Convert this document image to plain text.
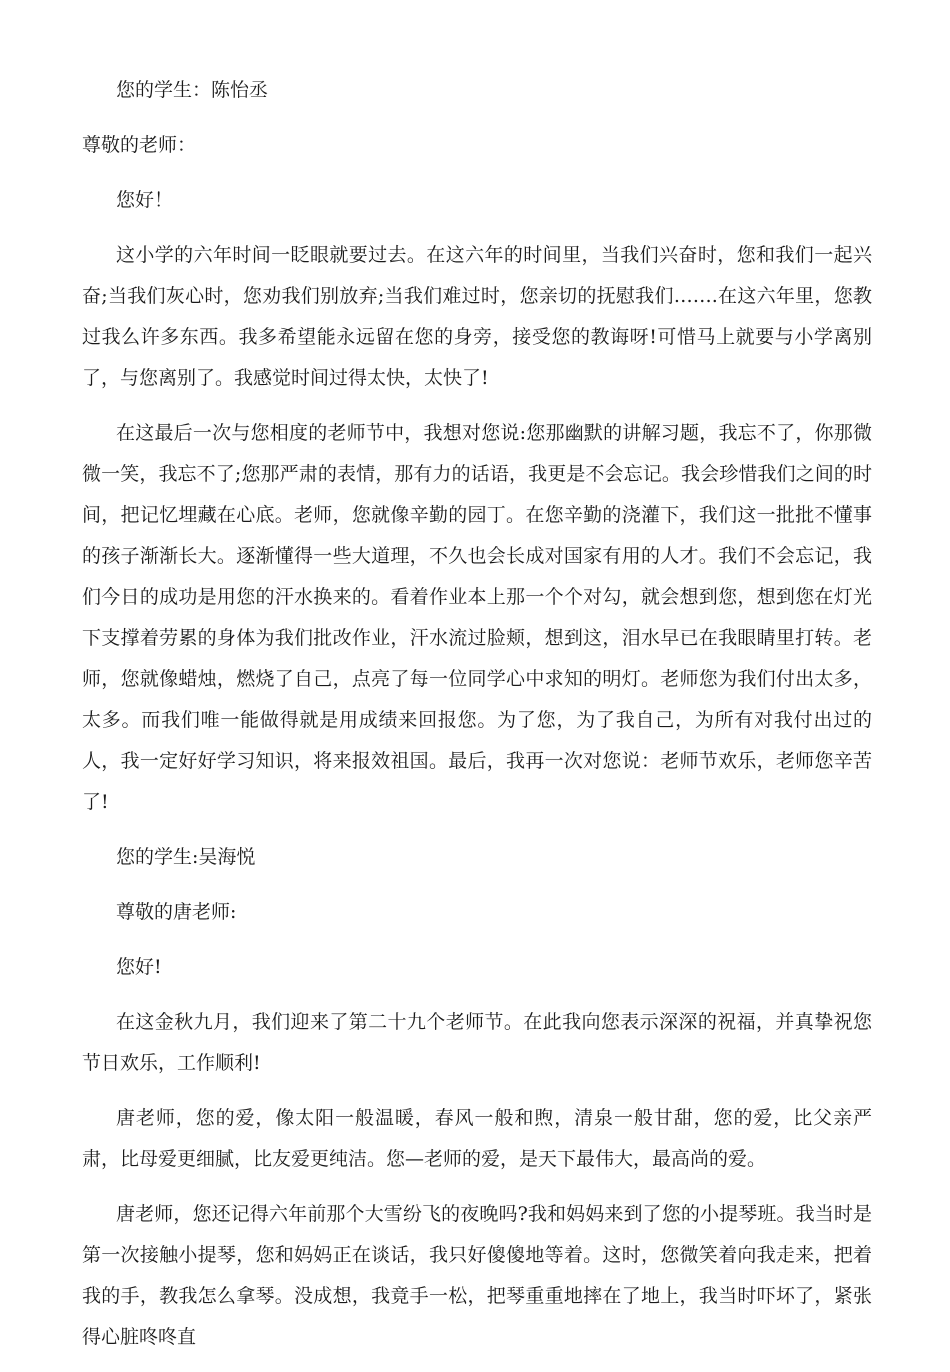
您的学生：陈怡丞

尊敬的老师：

您好！

这小学的六年时间一眨眼就要过去。在这六年的时间里，当我们兴奋时，您和我们一起兴奋;当我们灰心时，您劝我们别放弃;当我们难过时，您亲切的抚慰我们…….在这六年里，您教过我么许多东西。我多希望能永远留在您的身旁，接受您的教诲呀!可惜马上就要与小学离别了，与您离别了。我感觉时间过得太快，太快了!

在这最后一次与您相度的老师节中，我想对您说:您那幽默的讲解习题，我忘不了，你那微微一笑，我忘不了;您那严肃的表情，那有力的话语，我更是不会忘记。我会珍惜我们之间的时间，把记忆埋藏在心底。老师，您就像辛勤的园丁。在您辛勤的浇灌下，我们这一批批不懂事的孩子渐渐长大。逐渐懂得一些大道理，不久也会长成对国家有用的人才。我们不会忘记，我们今日的成功是用您的汗水换来的。看着作业本上那一个个对勾，就会想到您，想到您在灯光下支撑着劳累的身体为我们批改作业，汗水流过脸颊，想到这，泪水早已在我眼睛里打转。老师，您就像蜡烛，燃烧了自己，点亮了每一位同学心中求知的明灯。老师您为我们付出太多，太多。而我们唯一能做得就是用成绩来回报您。为了您，为了我自己，为所有对我付出过的人，我一定好好学习知识，将来报效祖国。最后，我再一次对您说：老师节欢乐，老师您辛苦了!

您的学生:吴海悦

尊敬的唐老师:

您好!

在这金秋九月，我们迎来了第二十九个老师节。在此我向您表示深深的祝福，并真挚祝您节日欢乐，工作顺利!

唐老师，您的爱，像太阳一般温暖，春风一般和煦，清泉一般甘甜，您的爱，比父亲严肃，比母爱更细腻，比友爱更纯洁。您—老师的爱，是天下最伟大，最高尚的爱。

唐老师，您还记得六年前那个大雪纷飞的夜晚吗?我和妈妈来到了您的小提琴班。我当时是第一次接触小提琴，您和妈妈正在谈话，我只好傻傻地等着。这时，您微笑着向我走来，把着我的手，教我怎么拿琴。没成想，我竟手一松，把琴重重地摔在了地上，我当时吓坏了，紧张得心脏咚咚直
